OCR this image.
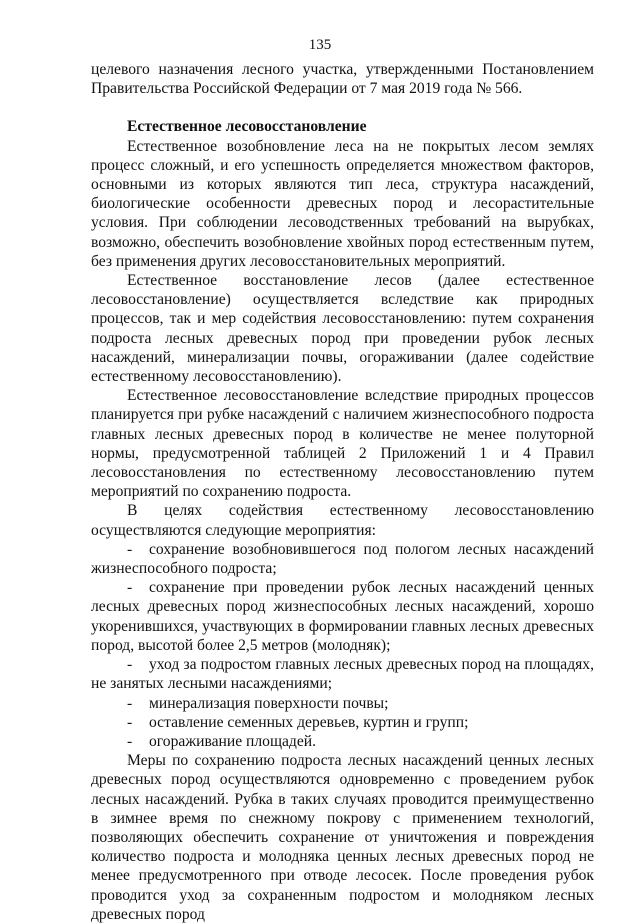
135

целевого назначения лесного участка, утвержденными Постановлением Правительства Российской Федерации от 7 мая 2019 года № 566.

Естественное лесовосстановление

Естественное возобновление леса на не покрытых лесом землях процесс сложный, и его успешность определяется множеством факторов, основными из которых являются тип леса, структура насаждений, биологические особенности древесных пород и лесорастительные условия. При соблюдении лесоводственных требований на вырубках, возможно, обеспечить возобновление хвойных пород естественным путем, без применения других лесовосстановительных мероприятий.

Естественное восстановление лесов (далее естественное лесовосстановление) осуществляется вследствие как природных процессов, так и мер содействия лесовосстановлению: путем сохранения подроста лесных древесных пород при проведении рубок лесных насаждений, минерализации почвы, огораживании (далее содействие естественному лесовосстановлению).

Естественное лесовосстановление вследствие природных процессов планируется при рубке насаждений с наличием жизнеспособного подроста главных лесных древесных пород в количестве не менее полуторной нормы, предусмотренной таблицей 2 Приложений 1 и 4 Правил лесовосстановления по естественному лесовосстановлению путем мероприятий по сохранению подроста.

В целях содействия естественному лесовосстановлению осуществляются следующие мероприятия:

- сохранение возобновившегося под пологом лесных насаждений жизнеспособного подроста;

- сохранение при проведении рубок лесных насаждений ценных лесных древесных пород жизнеспособных лесных насаждений, хорошо укоренившихся, участвующих в формировании главных лесных древесных пород, высотой более 2,5 метров (молодняк);

- уход за подростом главных лесных древесных пород на площадях, не занятых лесными насаждениями;

- минерализация поверхности почвы;

- оставление семенных деревьев, куртин и групп;

- огораживание площадей.

Меры по сохранению подроста лесных насаждений ценных лесных древесных пород осуществляются одновременно с проведением рубок лесных насаждений. Рубка в таких случаях проводится преимущественно в зимнее время по снежному покрову с применением технологий, позволяющих обеспечить сохранение от уничтожения и повреждения количество подроста и молодняка ценных лесных древесных пород не менее предусмотренного при отводе лесосек. После проведения рубок проводится уход за сохраненным подростом и молодняком лесных древесных пород
